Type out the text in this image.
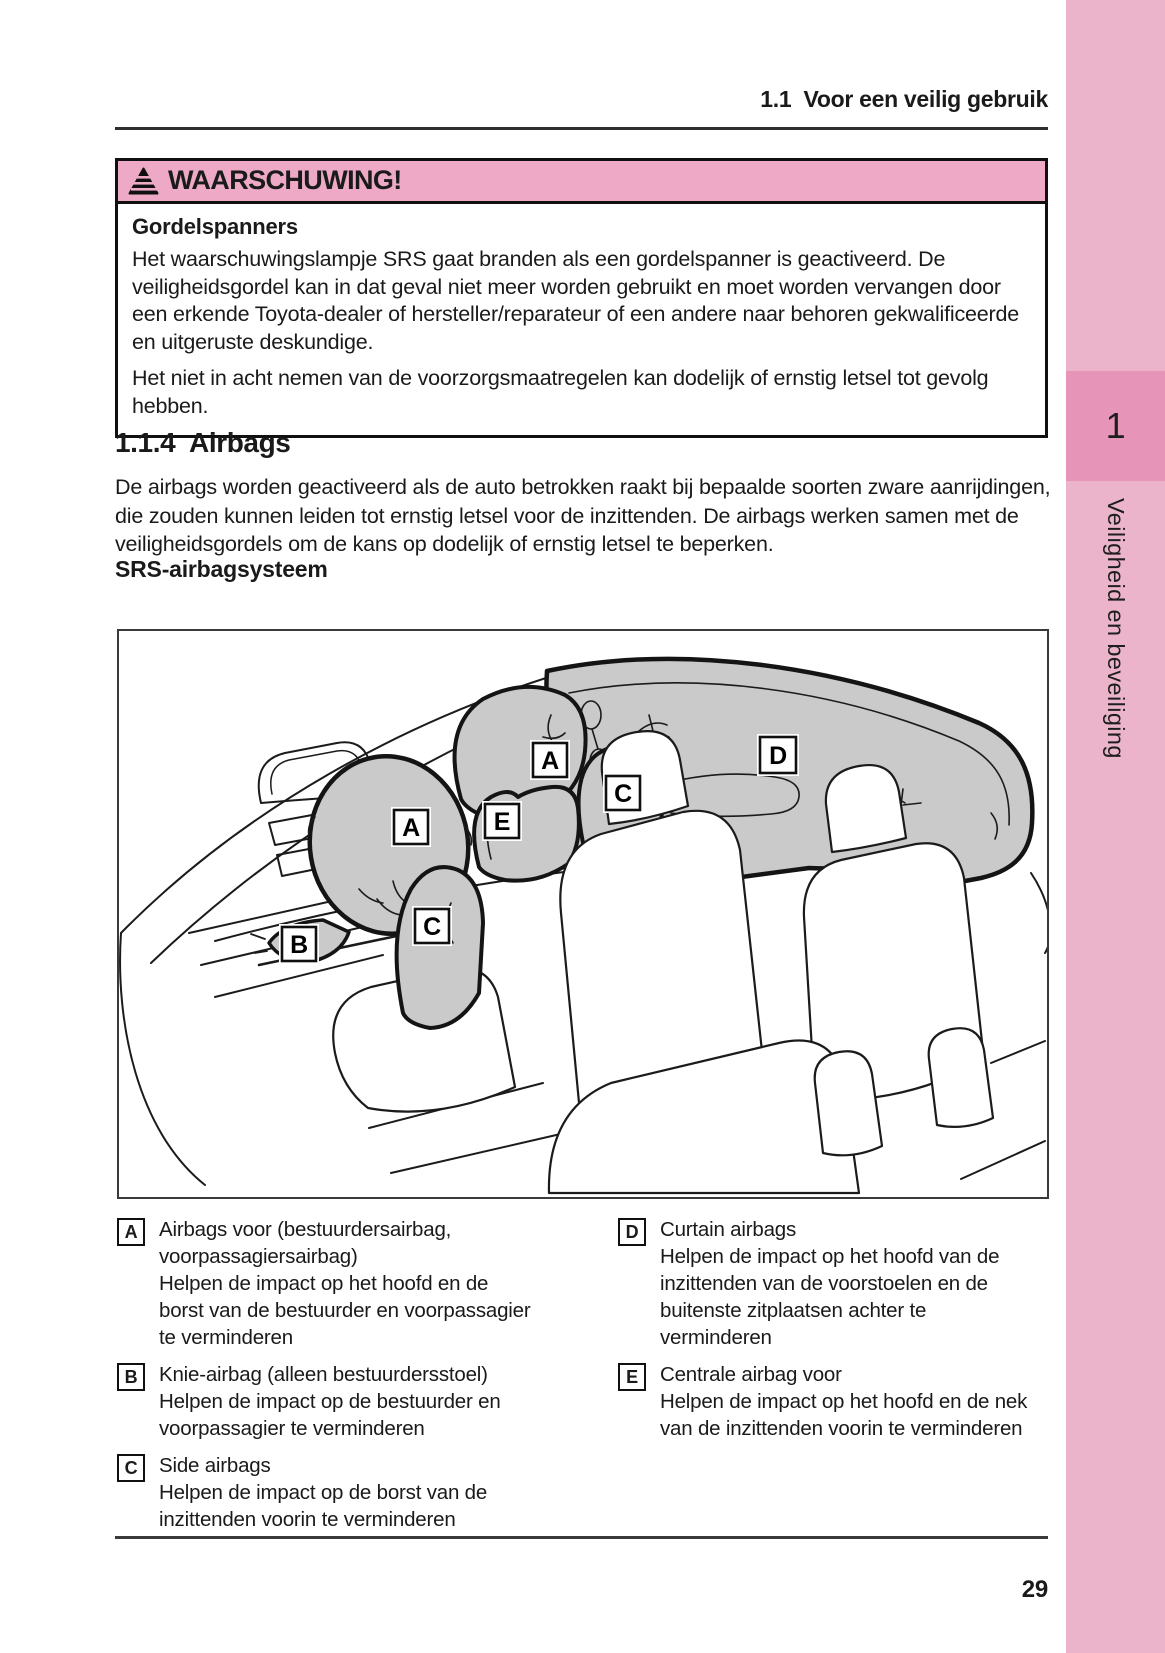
1.1  Voor een veilig gebruik
WAARSCHUWING!
Gordelspanners

Het waarschuwingslampje SRS gaat branden als een gordelspanner is geactiveerd. De veiligheidsgordel kan in dat geval niet meer worden gebruikt en moet worden vervangen door een erkende Toyota-dealer of hersteller/reparateur of een andere naar behoren gekwalificeerde en uitgeruste deskundige.

Het niet in acht nemen van de voorzorgsmaatregelen kan dodelijk of ernstig letsel tot gevolg hebben.

1.1.4  Airbags

De airbags worden geactiveerd als de auto betrokken raakt bij bepaalde soorten zware aanrijdingen, die zouden kunnen leiden tot ernstig letsel voor de inzittenden. De airbags werken samen met de veiligheidsgordels om de kans op dodelijk of ernstig letsel te beperken.

SRS-airbagsysteem
A
A
B
C
C
D
E
A	Airbags voor (bestuurdersairbag, voorpassagiersairbag)
Helpen de impact op het hoofd en de borst van de bestuurder en voorpassagier te verminderen
B	Knie-airbag (alleen bestuurdersstoel)
Helpen de impact op de bestuurder en voorpassagier te verminderen
C	Side airbags
Helpen de impact op de borst van de inzittenden voorin te verminderen
D	Curtain airbags
Helpen de impact op het hoofd van de inzittenden van de voorstoelen en de buitenste zitplaatsen achter te verminderen
E	Centrale airbag voor
Helpen de impact op het hoofd en de nek van de inzittenden voorin te verminderen
29
1
Veiligheid en beveiliging
